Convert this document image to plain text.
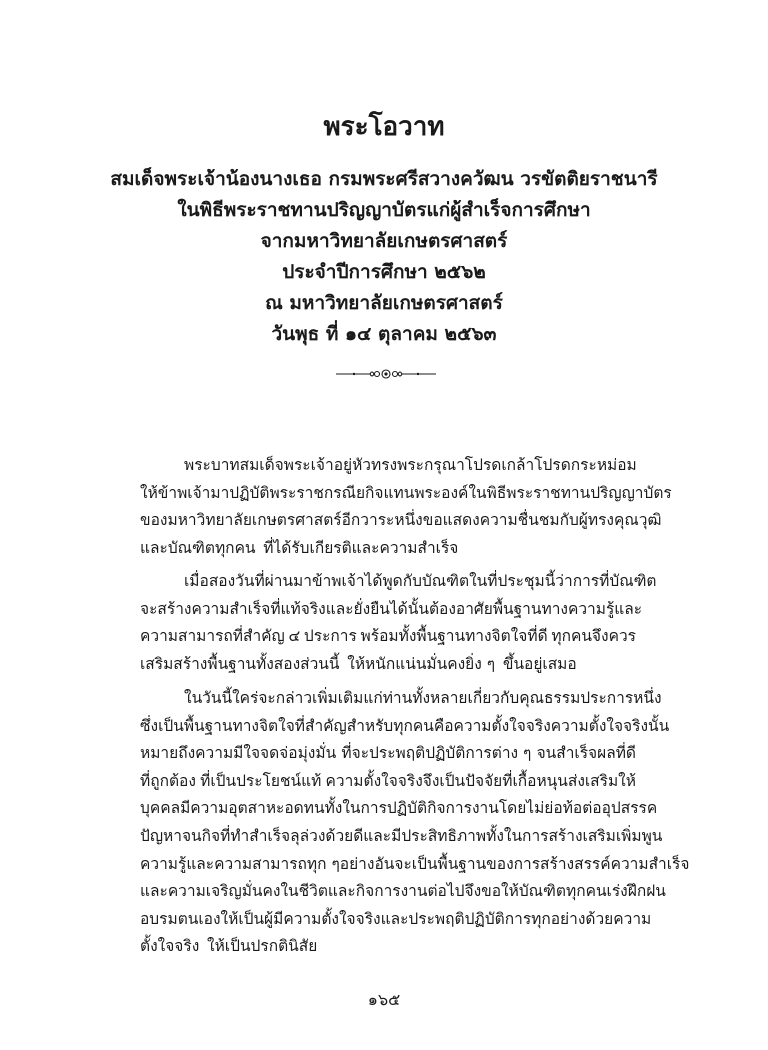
พระโอวาท
สมเด็จพระเจ้าน้องนางเธอ กรมพระศรีสวางควัฒน วรขัตติยราชนารี
ในพิธีพระราชทานปริญญาบัตรแก่ผู้สำเร็จการศึกษา
จากมหาวิทยาลัยเกษตรศาสตร์
ประจำปีการศึกษา ๒๕๖๒
ณ มหาวิทยาลัยเกษตรศาสตร์
วันพุธ ที่ ๑๔ ตุลาคม ๒๕๖๓
พระบาทสมเด็จพระเจ้าอยู่หัวทรงพระกรุณาโปรดเกล้าโปรดกระหม่อม
ให้ข้าพเจ้ามาปฏิบัติพระราชกรณียกิจแทนพระองค์ ในพิธีพระราชทานปริญญาบัตร
ของมหาวิทยาลัยเกษตรศาสตร์ อีกวาระหนึ่ง ขอแสดงความชื่นชมกับผู้ทรงคุณวุฒิ
และบัณฑิตทุกคน ที่ได้รับเกียรติและความสำเร็จ
เมื่อสองวันที่ผ่านมา ข้าพเจ้าได้พูดกับบัณฑิตในที่ประชุมนี้ว่า การที่บัณฑิต
จะสร้างความสำเร็จที่แท้จริงและยั่งยืนได้นั้น ต้องอาศัยพื้นฐานทางความรู้และ
ความสามารถที่สำคัญ ๔ ประการ พร้อมทั้งพื้นฐานทางจิตใจที่ดี ทุกคนจึงควร
เสริมสร้างพื้นฐานทั้งสองส่วนนี้ ให้หนักแน่นมั่นคงยิ่ง ๆ ขึ้นอยู่เสมอ
ในวันนี้ ใคร่จะกล่าวเพิ่มเติมแก่ท่านทั้งหลาย เกี่ยวกับคุณธรรมประการหนึ่ง
ซึ่งเป็นพื้นฐานทางจิตใจที่สำคัญสำหรับทุกคน คือความตั้งใจจริง ความตั้งใจจริงนั้น
หมายถึงความมีใจจดจ่อมุ่งมั่น ที่จะประพฤติปฏิบัติการต่าง ๆ จนสำเร็จผลที่ดี
ที่ถูกต้อง ที่เป็นประโยชน์แท้ ความตั้งใจจริงจึงเป็นปัจจัยที่เกื้อหนุนส่งเสริมให้
บุคคลมีความอุตสาหะอดทน ทั้งในการปฏิบัติกิจการงานโดยไม่ย่อท้อต่ออุปสรรค
ปัญหา จนกิจที่ทำสำเร็จลุล่วงด้วยดีและมีประสิทธิภาพ ทั้งในการสร้างเสริมเพิ่มพูน
ความรู้และความสามารถทุก ๆ อย่าง อันจะเป็นพื้นฐานของการสร้างสรรค์ความสำเร็จ
และความเจริญมั่นคงในชีวิตและกิจการงานต่อไป จึงขอให้บัณฑิตทุกคนเร่งฝึกฝน
อบรมตนเอง ให้เป็นผู้มีความตั้งใจจริง และประพฤติปฏิบัติการทุกอย่างด้วยความ
ตั้งใจจริง ให้เป็นปรกตินิสัย
๑๖๕
